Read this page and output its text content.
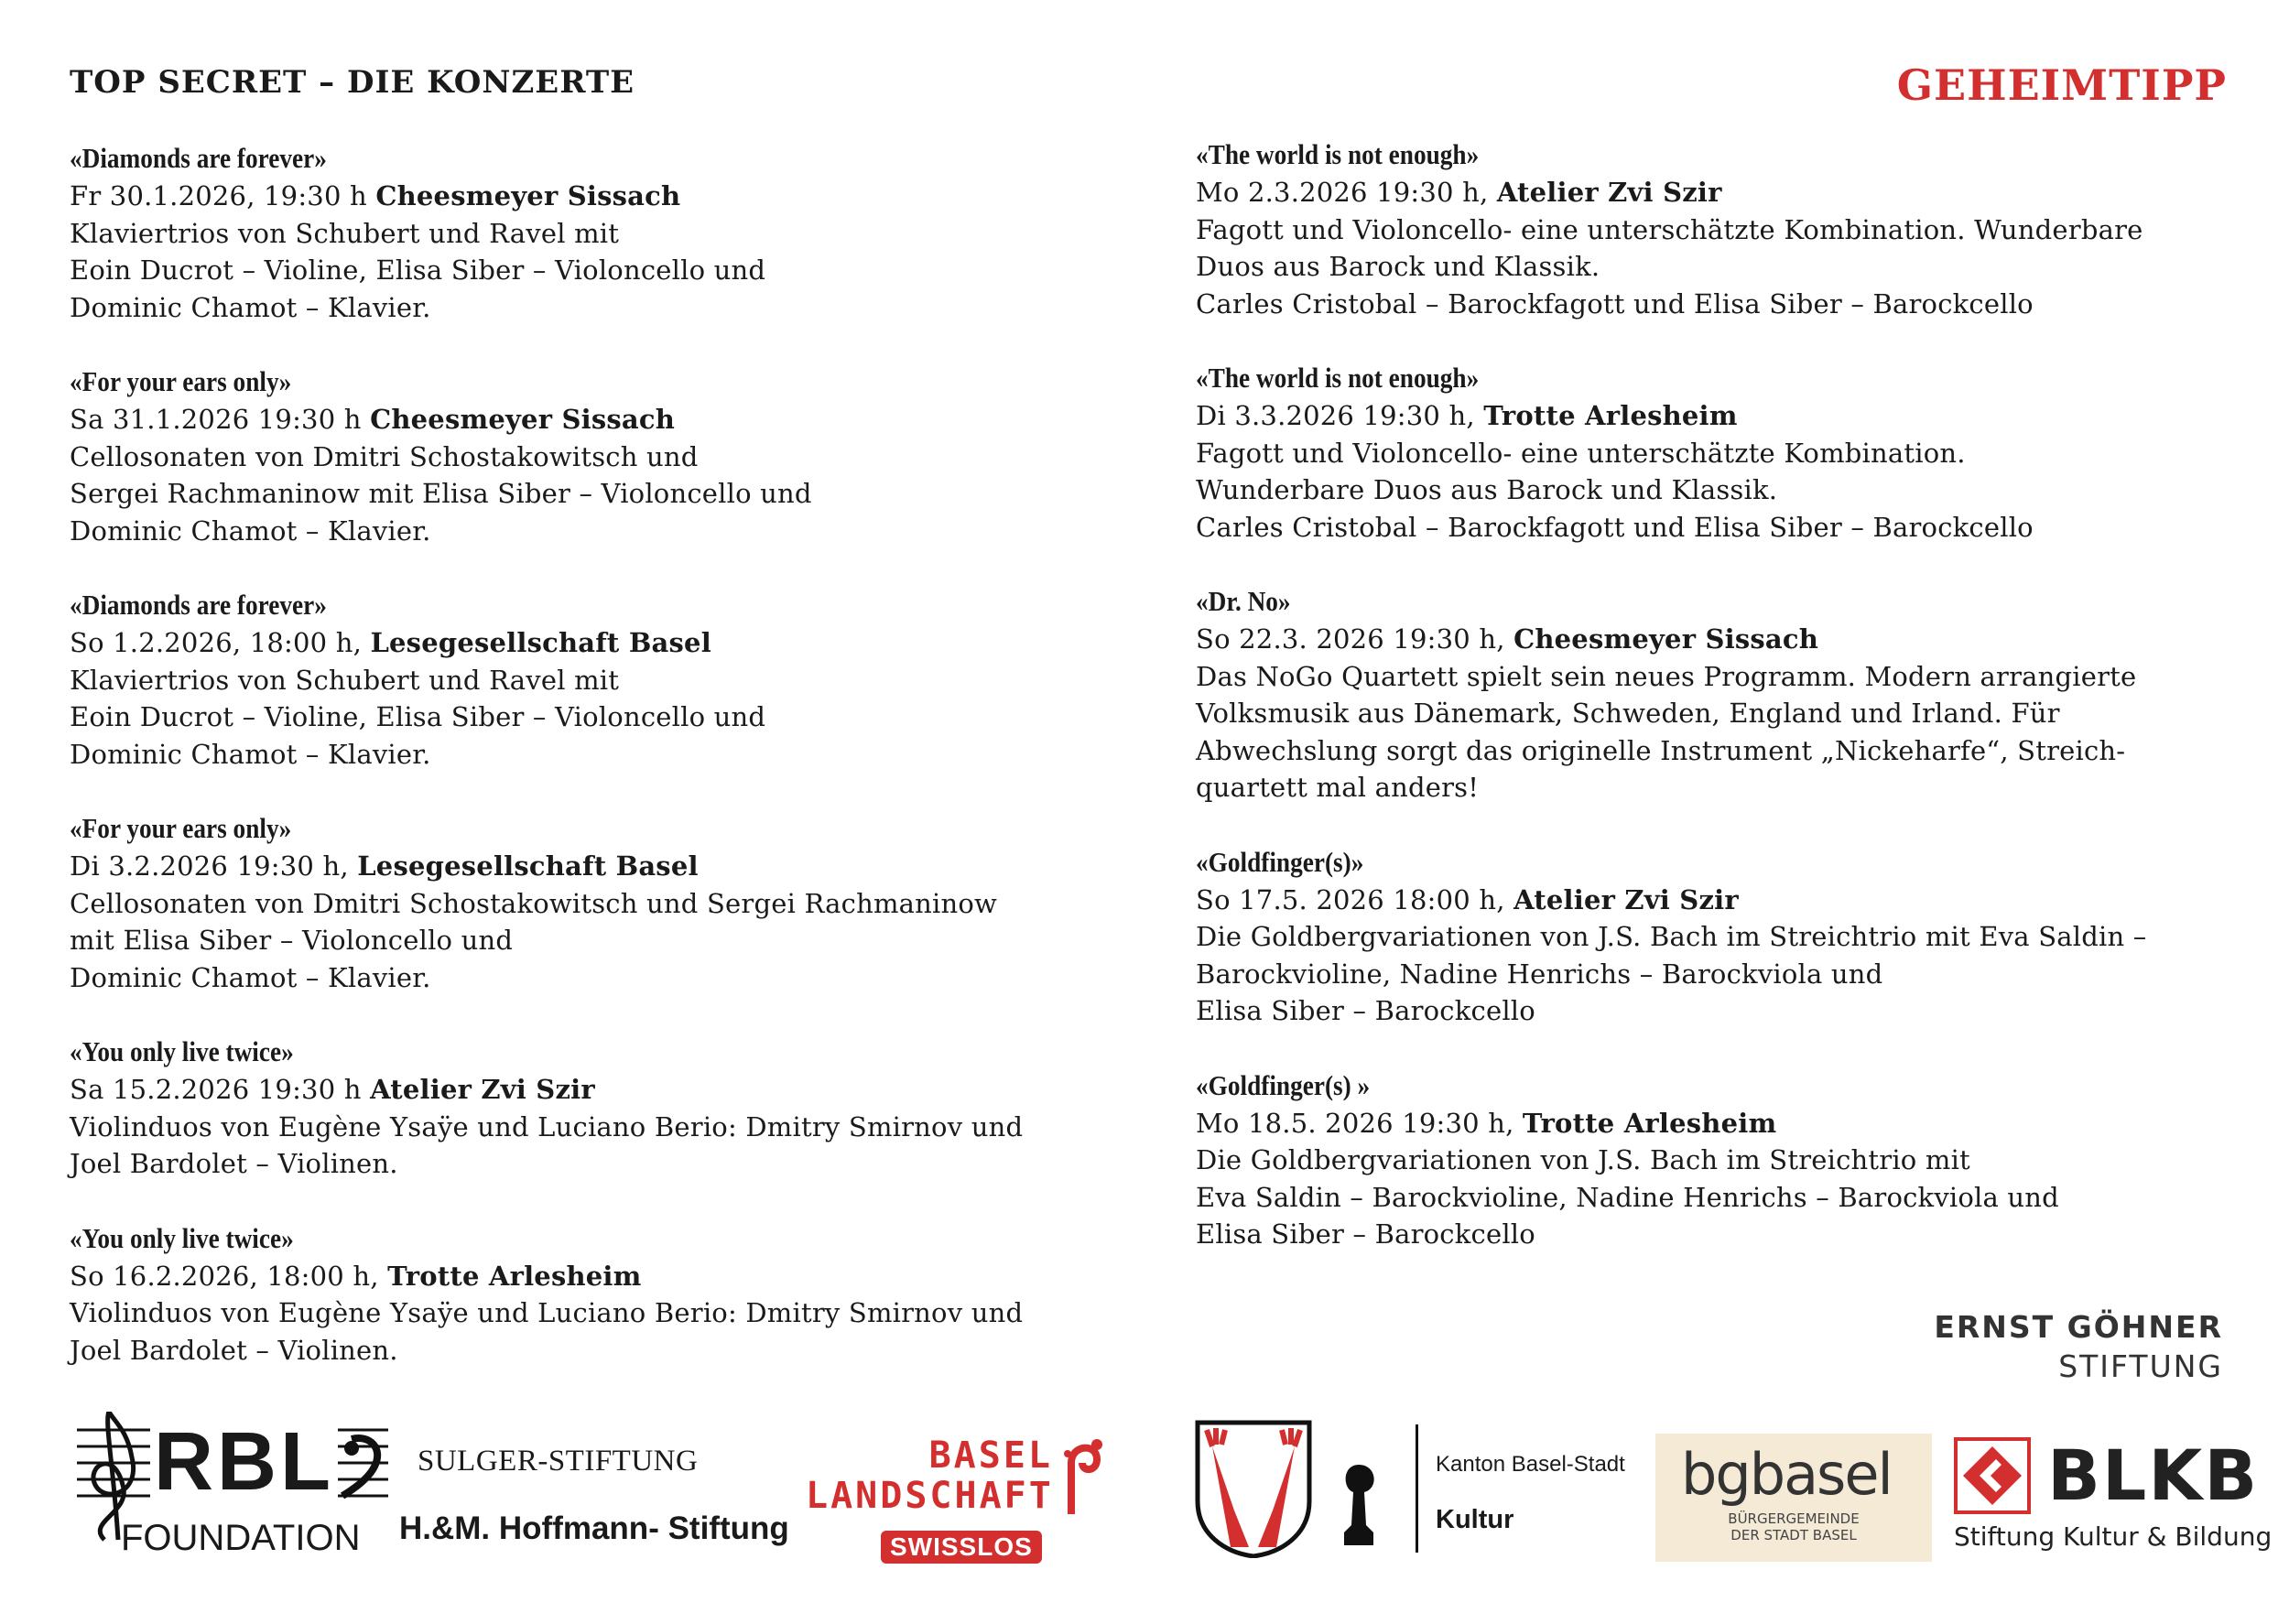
TOP SECRET – DIE KONZERTE	GEHEIMTIPP
«Diamonds are forever»
Fr 30.1.2026, 19:30 h Cheesmeyer Sissach
Klaviertrios von Schubert und Ravel mit
Eoin Ducrot – Violine, Elisa Siber – Violoncello und
Dominic Chamot – Klavier.
«For your ears only»
Sa 31.1.2026 19:30 h Cheesmeyer Sissach
Cellosonaten von Dmitri Schostakowitsch und
Sergei Rachmaninow mit Elisa Siber – Violoncello und
Dominic Chamot – Klavier.
«Diamonds are forever»
So 1.2.2026, 18:00 h, Lesegesellschaft Basel
Klaviertrios von Schubert und Ravel mit
Eoin Ducrot – Violine, Elisa Siber – Violoncello und
Dominic Chamot – Klavier.
«For your ears only»
Di 3.2.2026 19:30 h, Lesegesellschaft Basel
Cellosonaten von Dmitri Schostakowitsch und Sergei Rachmaninow
mit Elisa Siber – Violoncello und
Dominic Chamot – Klavier.
«You only live twice»
Sa 15.2.2026 19:30 h Atelier Zvi Szir
Violinduos von Eugène Ysaÿe und Luciano Berio: Dmitry Smirnov und
Joel Bardolet – Violinen.
«You only live twice»
So 16.2.2026, 18:00 h, Trotte Arlesheim
Violinduos von Eugène Ysaÿe und Luciano Berio: Dmitry Smirnov und
Joel Bardolet – Violinen.
«The world is not enough»
Mo 2.3.2026 19:30 h, Atelier Zvi Szir
Fagott und Violoncello- eine unterschätzte Kombination. Wunderbare
Duos aus Barock und Klassik.
Carles Cristobal – Barockfagott und Elisa Siber – Barockcello
«The world is not enough»
Di 3.3.2026 19:30 h, Trotte Arlesheim
Fagott und Violoncello- eine unterschätzte Kombination.
Wunderbare Duos aus Barock und Klassik.
Carles Cristobal – Barockfagott und Elisa Siber – Barockcello
«Dr. No»
So 22.3. 2026 19:30 h, Cheesmeyer Sissach
Das NoGo Quartett spielt sein neues Programm. Modern arrangierte
Volksmusik aus Dänemark, Schweden, England und Irland. Für
Abwechslung sorgt das originelle Instrument „Nickeharfe“, Streich-
quartett mal anders!
«Goldfinger(s)»
So 17.5. 2026 18:00 h, Atelier Zvi Szir
Die Goldbergvariationen von J.S. Bach im Streichtrio mit Eva Saldin –
Barockvioline, Nadine Henrichs – Barockviola und
Elisa Siber – Barockcello
«Goldfinger(s) »
Mo 18.5. 2026 19:30 h, Trotte Arlesheim
Die Goldbergvariationen von J.S. Bach im Streichtrio mit
Eva Saldin – Barockvioline, Nadine Henrichs – Barockviola und
Elisa Siber – Barockcello
RBL
FOUNDATION
SULGER-STIFTUNG
H.&M. Hoffmann- Stiftung
BASEL
LANDSCHAFT
SWISSLOS
ERNST GÖHNER
STIFTUNG
Kanton Basel-Stadt
Kultur
bgbasel
BÜRGERGEMEINDE
DER STADT BASEL
BLKB
Stiftung Kultur & Bildung
